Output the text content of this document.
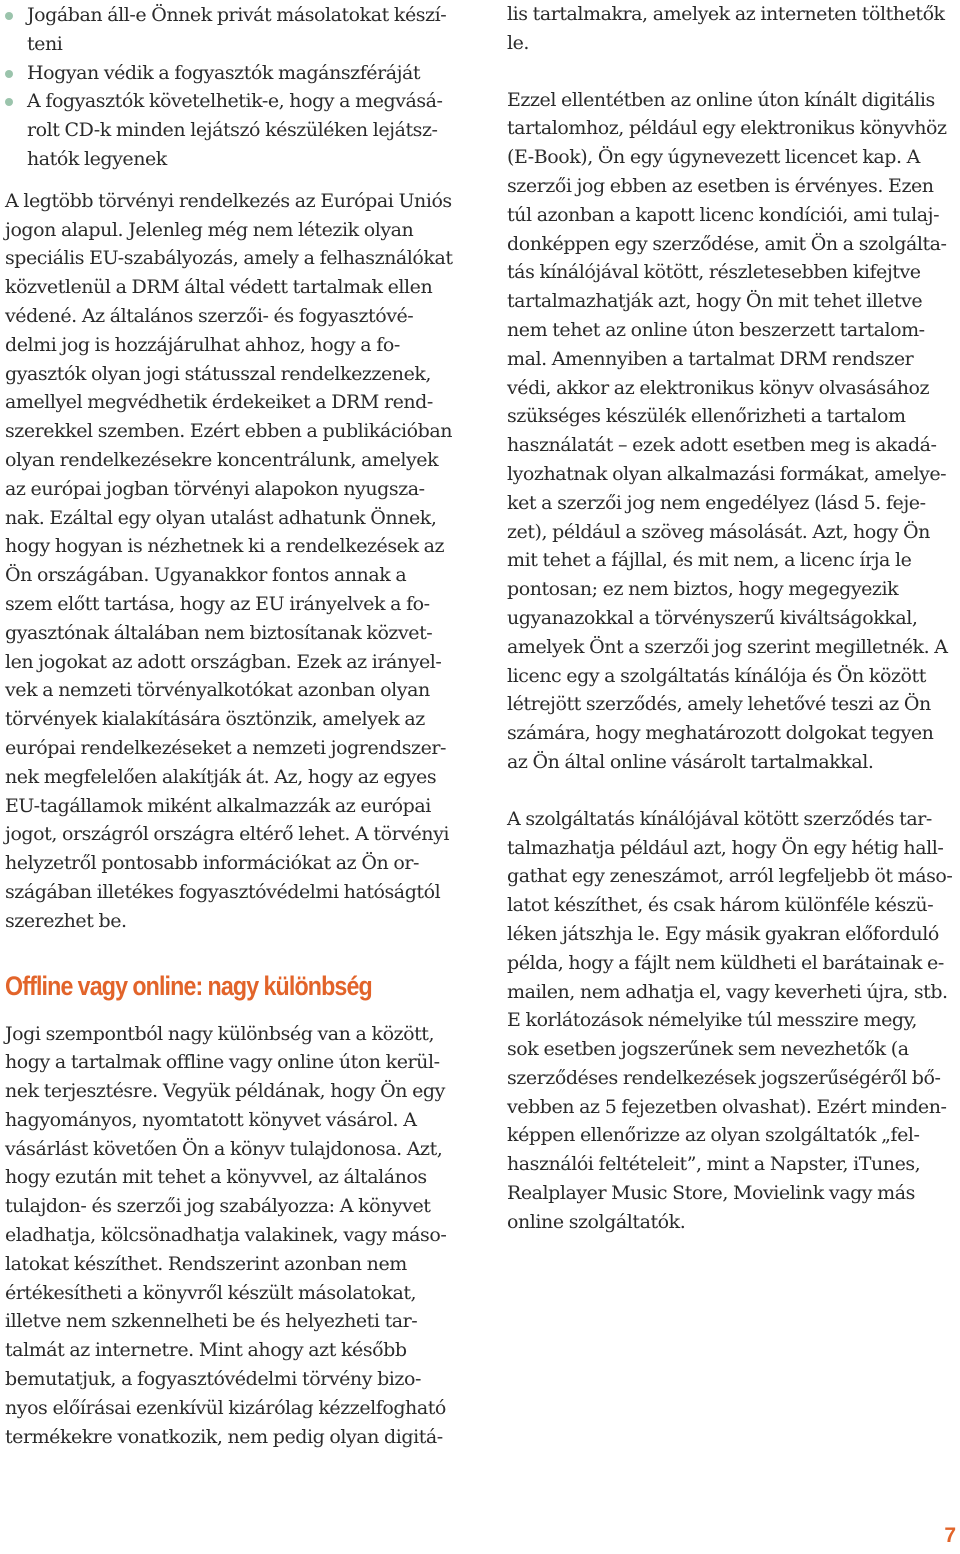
Jogában áll-e Önnek privát másolatokat készí-
teni
Hogyan védik a fogyasztók magánszféráját
A fogyasztók követelhetik-e, hogy a megvásá-
rolt CD-k minden lejátszó készüléken lejátsz-
hatók legyenek
A legtöbb törvényi rendelkezés az Európai Uniós
jogon alapul. Jelenleg még nem létezik olyan
speciális EU-szabályozás, amely a felhasználókat
közvetlenül a DRM által védett tartalmak ellen
védené. Az általános szerzői- és fogyasztóvé-
delmi jog is hozzájárulhat ahhoz, hogy a fo-
gyasztók olyan jogi státusszal rendelkezzenek,
amellyel megvédhetik érdekeiket a DRM rend-
szerekkel szemben. Ezért ebben a publikációban
olyan rendelkezésekre koncentrálunk, amelyek
az európai jogban törvényi alapokon nyugsza-
nak. Ezáltal egy olyan utalást adhatunk Önnek,
hogy hogyan is nézhetnek ki a rendelkezések az
Ön országában. Ugyanakkor fontos annak a
szem előtt tartása, hogy az EU irányelvek a fo-
gyasztónak általában nem biztosítanak közvet-
len jogokat az adott országban. Ezek az irányel-
vek a nemzeti törvényalkotókat azonban olyan
törvények kialakítására ösztönzik, amelyek az
európai rendelkezéseket a nemzeti jogrendszer-
nek megfelelően alakítják át. Az, hogy az egyes
EU-tagállamok miként alkalmazzák az európai
jogot, országról országra eltérő lehet. A törvényi
helyzetről pontosabb információkat az Ön or-
szágában illetékes fogyasztóvédelmi hatóságtól
szerezhet be.
Offline vagy online: nagy különbség
Jogi szempontból nagy különbség van a között,
hogy a tartalmak offline vagy online úton kerül-
nek terjesztésre. Vegyük példának, hogy Ön egy
hagyományos, nyomtatott könyvet vásárol. A
vásárlást követően Ön a könyv tulajdonosa. Azt,
hogy ezután mit tehet a könyvvel, az általános
tulajdon- és szerzői jog szabályozza: A könyvet
eladhatja, kölcsönadhatja valakinek, vagy máso-
latokat készíthet. Rendszerint azonban nem
értékesítheti a könyvről készült másolatokat,
illetve nem szkennelheti be és helyezheti tar-
talmát az internetre. Mint ahogy azt később
bemutatjuk, a fogyasztóvédelmi törvény bizo-
nyos előírásai ezenkívül kizárólag kézzelfogható
termékekre vonatkozik, nem pedig olyan digitá-
lis tartalmakra, amelyek az interneten tölthetők
le.
Ezzel ellentétben az online úton kínált digitális
tartalomhoz, például egy elektronikus könyvhöz
(E-Book), Ön egy úgynevezett licencet kap. A
szerzői jog ebben az esetben is érvényes. Ezen
túl azonban a kapott licenc kondíciói, ami tulaj-
donképpen egy szerződése, amit Ön a szolgálta-
tás kínálójával kötött, részletesebben kifejtve
tartalmazhatják azt, hogy Ön mit tehet illetve
nem tehet az online úton beszerzett tartalom-
mal. Amennyiben a tartalmat DRM rendszer
védi, akkor az elektronikus könyv olvasásához
szükséges készülék ellenőrizheti a tartalom
használatát – ezek adott esetben meg is akadá-
lyozhatnak olyan alkalmazási formákat, amelye-
ket a szerzői jog nem engedélyez (lásd 5. feje-
zet), például a szöveg másolását. Azt, hogy Ön
mit tehet a fájllal, és mit nem, a licenc írja le
pontosan; ez nem biztos, hogy megegyezik
ugyanazokkal a törvényszerű kiváltságokkal,
amelyek Önt a szerzői jog szerint megilletnék. A
licenc egy a szolgáltatás kínálója és Ön között
létrejött szerződés, amely lehetővé teszi az Ön
számára, hogy meghatározott dolgokat tegyen
az Ön által online vásárolt tartalmakkal.
A szolgáltatás kínálójával kötött szerződés tar-
talmazhatja például azt, hogy Ön egy hétig hall-
gathat egy zeneszámot, arról legfeljebb öt máso-
latot készíthet, és csak három különféle készü-
léken játszhja le. Egy másik gyakran előforduló
példa, hogy a fájlt nem küldheti el barátainak e-
mailen, nem adhatja el, vagy keverheti újra, stb.
E korlátozások némelyike túl messzire megy,
sok esetben jogszerűnek sem nevezhetők (a
szerződéses rendelkezések jogszerűségéről bő-
vebben az 5 fejezetben olvashat). Ezért minden-
képpen ellenőrizze az olyan szolgáltatók „fel-
használói feltételeit”, mint a Napster, iTunes,
Realplayer Music Store, Movielink vagy más
online szolgáltatók.
7
